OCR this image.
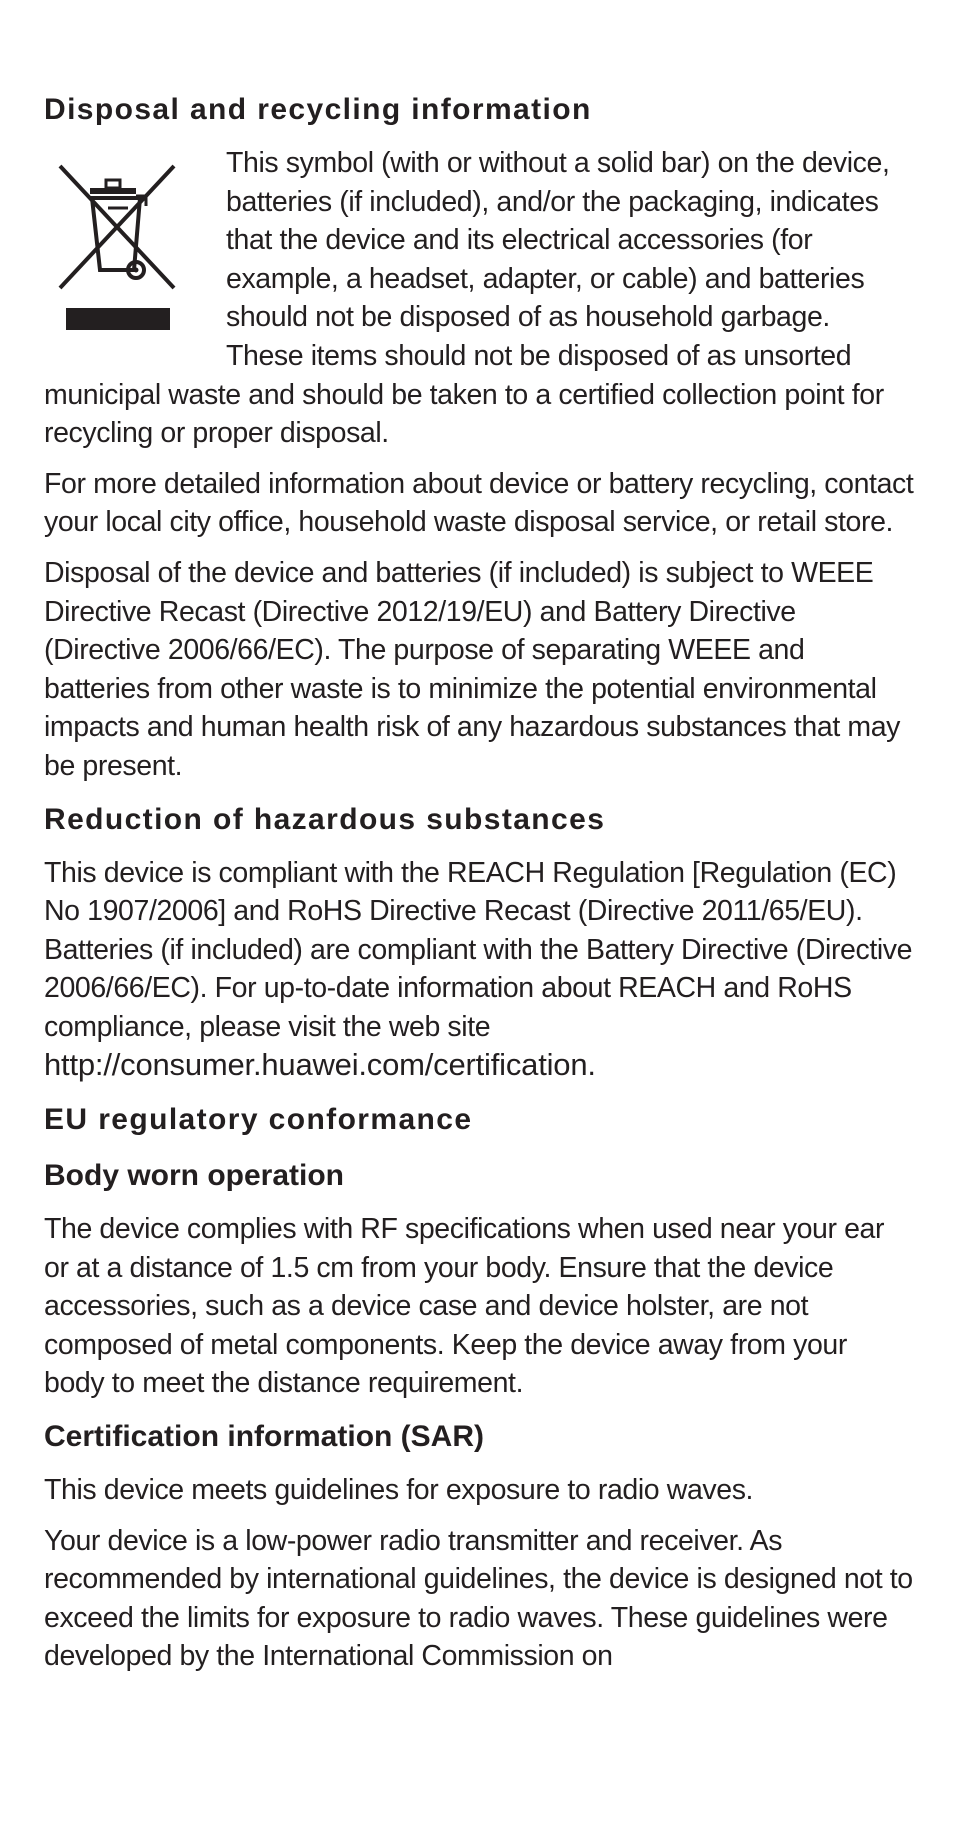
Disposal and recycling information

This symbol (with or without a solid bar) on the device, batteries (if included), and/or the packaging, indicates that the device and its electrical accessories (for example, a headset, adapter, or cable) and batteries should not be disposed of as household garbage. These items should not be disposed of as unsorted municipal waste and should be taken to a certified collection point for recycling or proper disposal.

For more detailed information about device or battery recycling, contact your local city office, household waste disposal service, or retail store.

Disposal of the device and batteries (if included) is subject to WEEE Directive Recast (Directive 2012/19/EU) and Battery Directive (Directive 2006/66/EC). The purpose of separating WEEE and batteries from other waste is to minimize the potential environmental impacts and human health risk of any hazardous substances that may be present.

Reduction of hazardous substances

This device is compliant with the REACH Regulation [Regulation (EC) No 1907/2006] and RoHS Directive Recast (Directive 2011/65/EU). Batteries (if included) are compliant with the Battery Directive (Directive 2006/66/EC). For up-to-date information about REACH and RoHS compliance, please visit the web site
http://consumer.huawei.com/certification.

EU regulatory conformance
Body worn operation

The device complies with RF specifications when used near your ear or at a distance of 1.5 cm from your body. Ensure that the device accessories, such as a device case and device holster, are not composed of metal components. Keep the device away from your body to meet the distance requirement.

Certification information (SAR)

This device meets guidelines for exposure to radio waves.

Your device is a low-power radio transmitter and receiver. As recommended by international guidelines, the device is designed not to exceed the limits for exposure to radio waves. These guidelines were developed by the International Commission on
